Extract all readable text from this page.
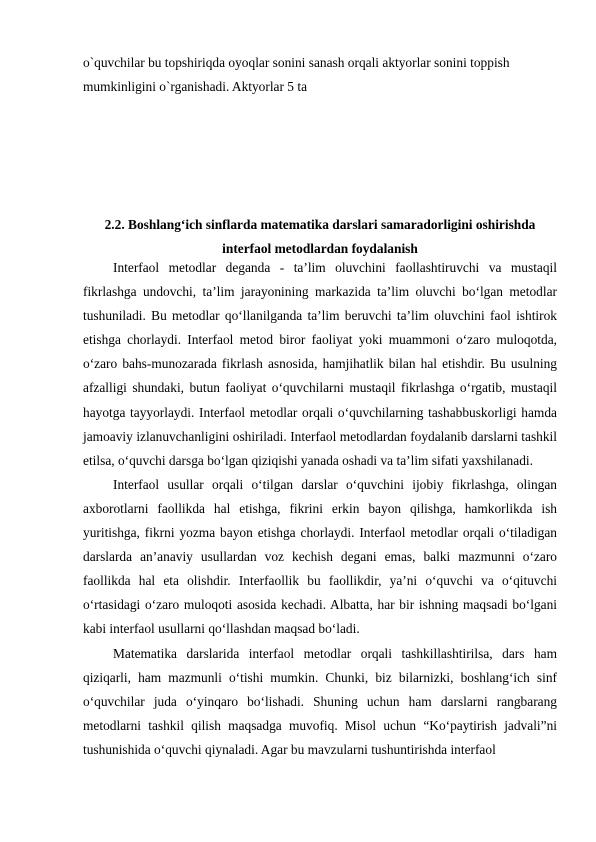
o`quvchilar bu topshiriqda oyoqlar sonini sanash orqali aktyorlar sonini toppish

mumkinligini o`rganishadi. Aktyorlar 5 ta

2.2. Boshlang‘ich sinflarda matematika darslari samaradorligini oshirishda
interfaol metodlardan foydalanish

Interfaol metodlar deganda - ta’lim oluvchini faollashtiruvchi va mustaqil fikrlashga undovchi, ta’lim jarayonining markazida ta’lim oluvchi bo‘lgan metodlar tushuniladi. Bu metodlar qo‘llanilganda ta’lim beruvchi ta’lim oluvchini faol ishtirok etishga chorlaydi. Interfaol metod biror faoliyat yoki muammoni o‘zaro muloqotda, o‘zaro bahs-munozarada fikrlash asnosida, hamjihatlik bilan hal etishdir. Bu usulning afzalligi shundaki, butun faoliyat o‘quvchilarni mustaqil fikrlashga o‘rgatib, mustaqil hayotga tayyorlaydi. Interfaol metodlar orqali o‘quvchilarning tashabbuskorligi hamda jamoaviy izlanuvchanligini oshiriladi. Interfaol metodlardan foydalanib darslarni tashkil etilsa, o‘quvchi darsga bo‘lgan qiziqishi yanada oshadi va ta’lim sifati yaxshilanadi.

Interfaol usullar orqali o‘tilgan darslar o‘quvchini ijobiy fikrlashga, olingan axborotlarni faollikda hal etishga, fikrini erkin bayon qilishga, hamkorlikda ish yuritishga, fikrni yozma bayon etishga chorlaydi. Interfaol metodlar orqali o‘tiladigan darslarda an’anaviy usullardan voz kechish degani emas, balki mazmunni o‘zaro faollikda hal eta olishdir. Interfaollik bu faollikdir, ya’ni o‘quvchi va o‘qituvchi o‘rtasidagi o‘zaro muloqoti asosida kechadi. Albatta, har bir ishning maqsadi bo‘lgani kabi interfaol usullarni qo‘llashdan maqsad bo‘ladi.

Matematika darslarida interfaol metodlar orqali tashkillashtirilsa, dars ham qiziqarli, ham mazmunli o‘tishi mumkin. Chunki, biz bilarnizki, boshlang‘ich sinf o‘quvchilar juda o‘yinqaro bo‘lishadi. Shuning uchun ham darslarni rangbarang metodlarni tashkil qilish maqsadga muvofiq. Misol uchun “Ko‘paytirish jadvali”ni tushunishida o‘quvchi qiynaladi. Agar bu mavzularni tushuntirishda interfaol
